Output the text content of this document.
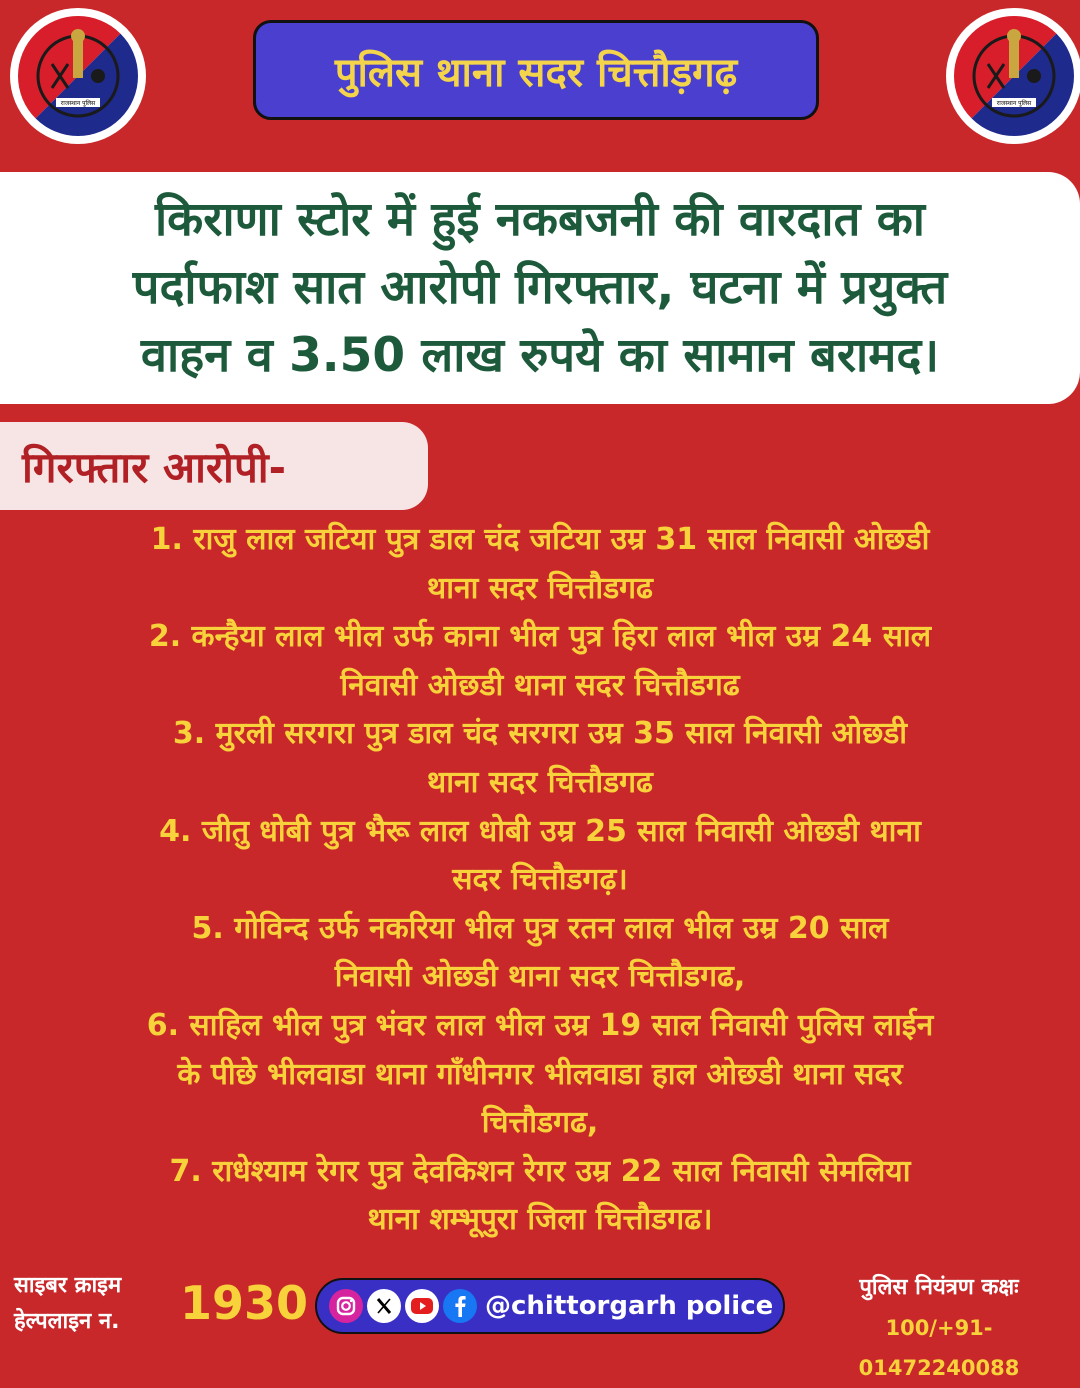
राजस्थान पुलिस
पुलिस थाना सदर चित्तौड़गढ़
राजस्थान पुलिस
किराणा स्टोर में हुई नकबजनी की वारदात का
पर्दाफाश सात आरोपी गिरफ्तार, घटना में प्रयुक्त
वाहन व 3.50 लाख रुपये का सामान बरामद।
गिरफ्तार आरोपी-
1. राजु लाल जटिया पुत्र डाल चंद जटिया उम्र 31 साल निवासी ओछडी
थाना सदर चित्तौडगढ
2. कन्हैया लाल भील उर्फ काना भील पुत्र हिरा लाल भील उम्र 24 साल
निवासी ओछडी थाना सदर चित्तौडगढ
3. मुरली सरगरा पुत्र डाल चंद सरगरा उम्र 35 साल निवासी ओछडी
थाना सदर चित्तौडगढ
4. जीतु धोबी पुत्र भैरू लाल धोबी उम्र 25 साल निवासी ओछडी थाना
सदर चित्तौडगढ़।
5. गोविन्द उर्फ नकरिया भील पुत्र रतन लाल भील उम्र 20 साल
निवासी ओछडी थाना सदर चित्तौडगढ,
6. साहिल भील पुत्र भंवर लाल भील उम्र 19 साल निवासी पुलिस लाईन
के पीछे भीलवाडा थाना गाँधीनगर भीलवाडा हाल ओछडी थाना सदर
चित्तौडगढ,
7. राधेश्याम रेगर पुत्र देवकिशन रेगर उम्र 22 साल निवासी सेमलिया
थाना शम्भूपुरा जिला चित्तौडगढ।
साइबर क्राइम
हेल्पलाइन न. 1930	@chittorgarh police
पुलिस नियंत्रण कक्षः
100/+91-01472240088
